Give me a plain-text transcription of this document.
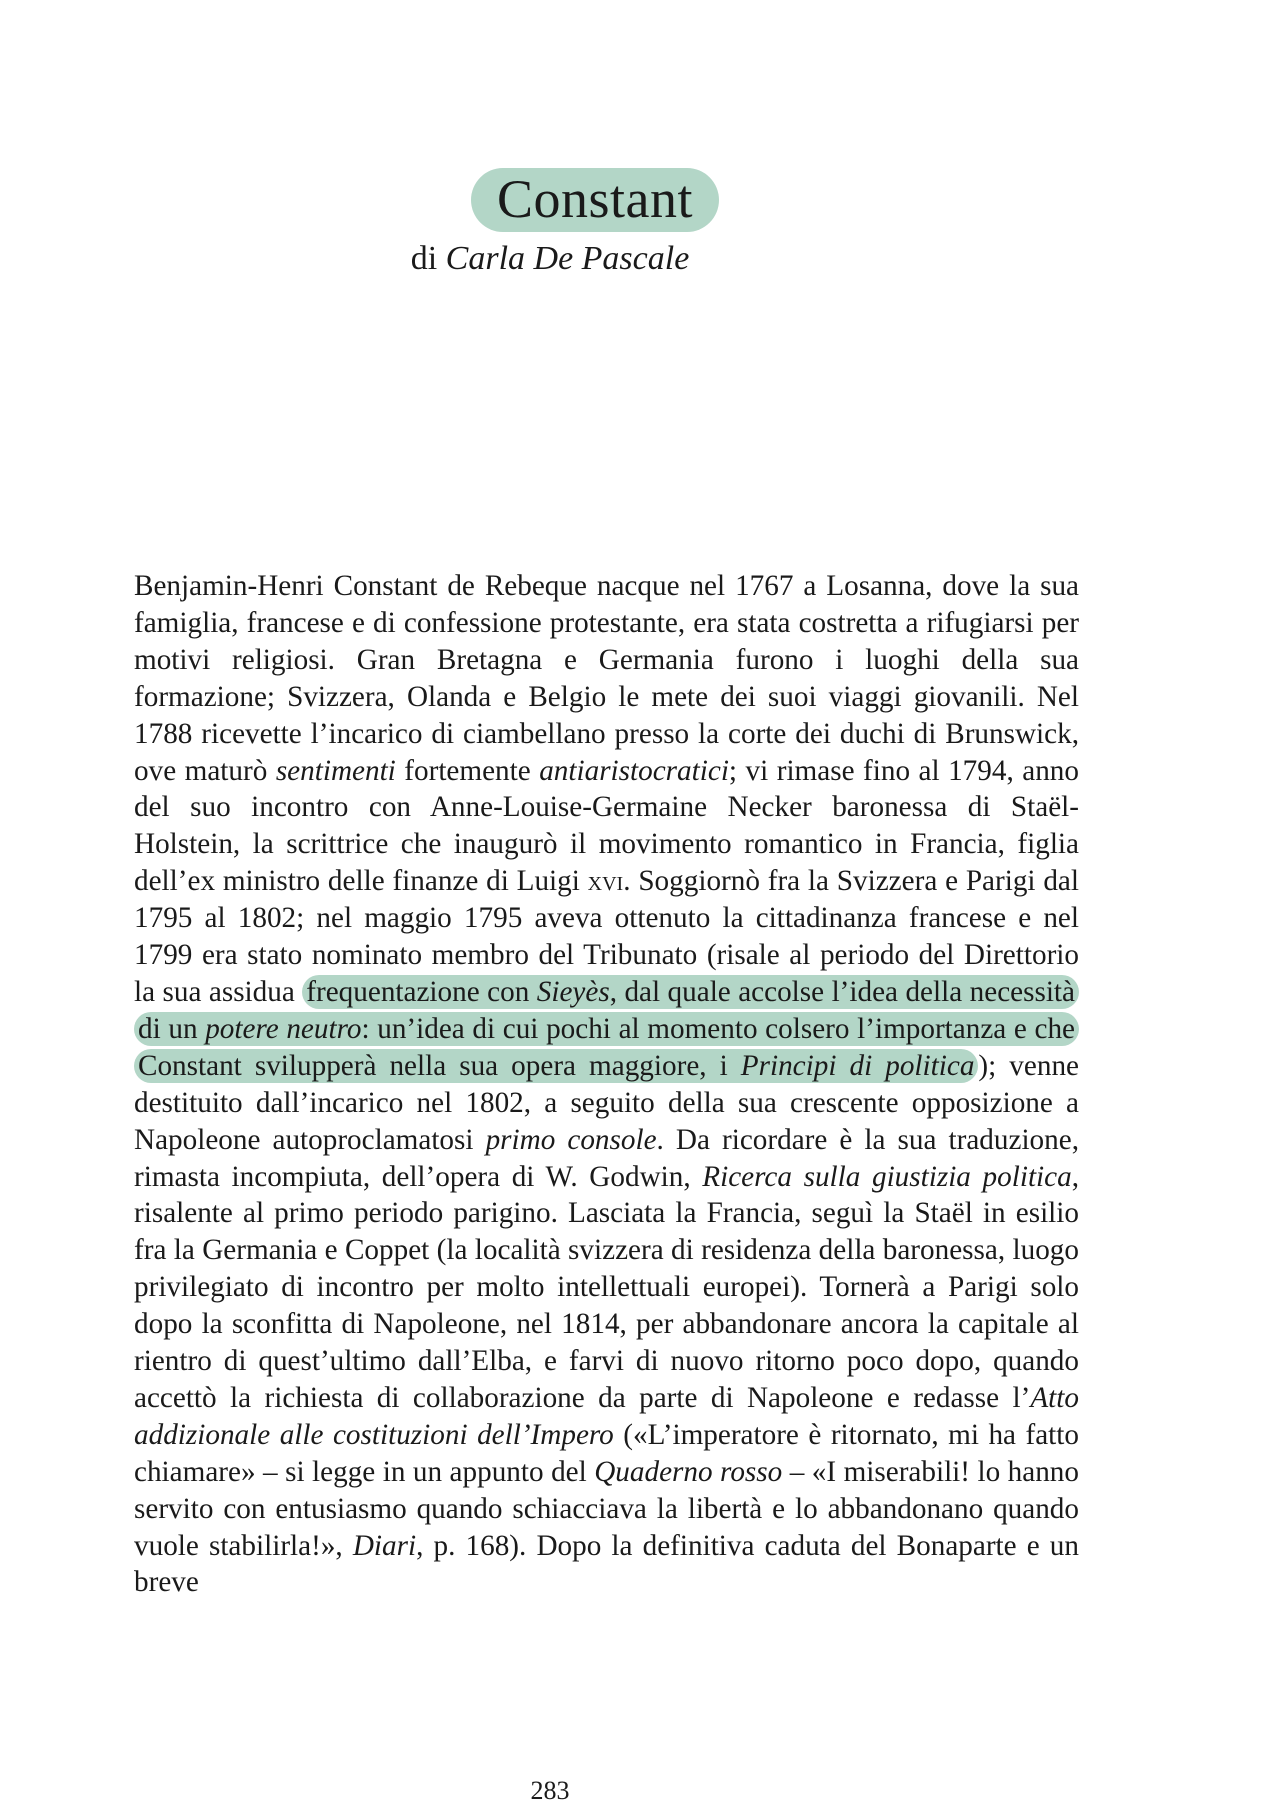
Constant
di Carla De Pascale
Benjamin-Henri Constant de Rebeque nacque nel 1767 a Losanna, dove la sua famiglia, francese e di confessione protestante, era stata costretta a rifugiarsi per motivi religiosi. Gran Bretagna e Germania furono i luoghi della sua formazione; Svizzera, Olanda e Belgio le mete dei suoi viaggi giovanili. Nel 1788 ricevette l’incarico di ciambellano presso la corte dei duchi di Brunswick, ove maturò sentimenti fortemente antiaristocratici; vi rimase fino al 1794, anno del suo incontro con Anne-Louise-Germaine Necker baronessa di Staël-Holstein, la scrittrice che inaugurò il movimento romantico in Francia, figlia dell’ex ministro delle finanze di Luigi xvi. Soggiornò fra la Svizzera e Parigi dal 1795 al 1802; nel maggio 1795 aveva ottenuto la cittadinanza francese e nel 1799 era stato nominato membro del Tribunato (risale al periodo del Direttorio la sua assidua frequentazione con Sieyès, dal quale accolse l’idea della necessità di un potere neutro: un’idea di cui pochi al momento colsero l’importanza e che Constant svilupperà nella sua opera maggiore, i Principi di politica ); venne destituito dall’incarico nel 1802, a seguito della sua crescente opposizione a Napoleone autoproclamatosi primo console. Da ricordare è la sua traduzione, rimasta incompiuta, dell’opera di W. Godwin, Ricerca sulla giustizia politica, risalente al primo periodo parigino. Lasciata la Francia, seguì la Staël in esilio fra la Germania e Coppet (la località svizzera di residenza della baronessa, luogo privilegiato di incontro per molto intellettuali europei). Tornerà a Parigi solo dopo la sconfitta di Napoleone, nel 1814, per abbandonare ancora la capitale al rientro di quest’ultimo dall’Elba, e farvi di nuovo ritorno poco dopo, quando accettò la richiesta di collaborazione da parte di Napoleone e redasse l’Atto addizionale alle costituzioni dell’Impero («L’imperatore è ritornato, mi ha fatto chiamare» – si legge in un appunto del Quaderno rosso – «I miserabili! lo hanno servito con entusiasmo quando schiacciava la libertà e lo abbandonano quando vuole stabilirla!», Diari, p. 168). Dopo la definitiva caduta del Bonaparte e un breve
283
